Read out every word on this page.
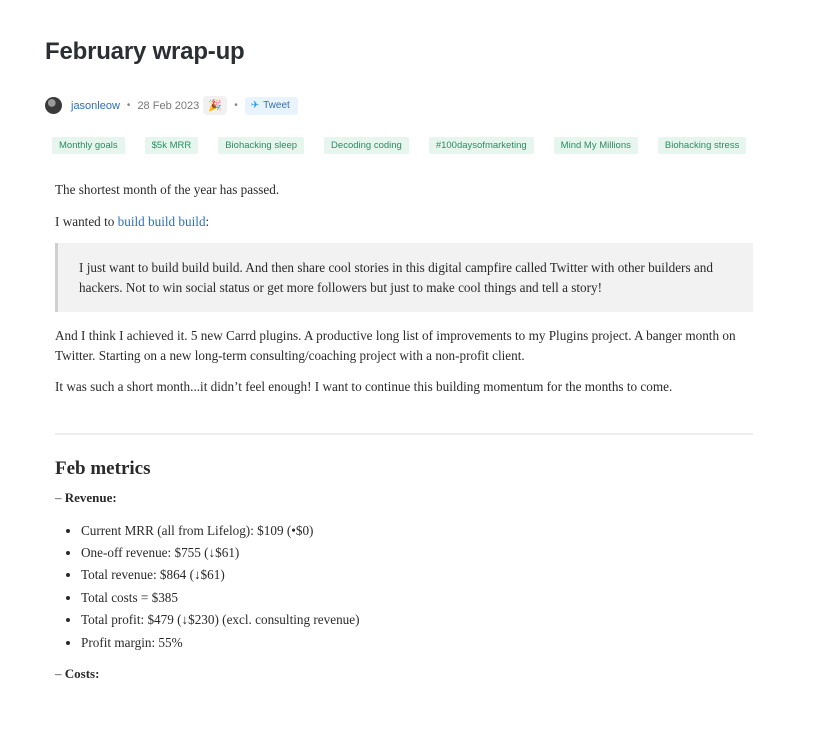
February wrap-up
jasonleow • 28 Feb 2023 🎉	• ✈ Tweet
Monthly goals	$5k MRR	Biohacking sleep	Decoding coding	#100daysofmarketing	Mind My Millions	Biohacking stress

The shortest month of the year has passed.

I wanted to build build build:

I just want to build build build. And then share cool stories in this digital campfire called Twitter with other builders and hackers. Not to win social status or get more followers but just to make cool things and tell a story!

And I think I achieved it. 5 new Carrd plugins. A productive long list of improvements to my Plugins project. A banger month on Twitter. Starting on a new long-term consulting/coaching project with a non-profit client.

It was such a short month...it didn’t feel enough! I want to continue this building momentum for the months to come.

Feb metrics

– Revenue:

• Current MRR (all from Lifelog): $109 (•$0)
• One-off revenue: $755 (↓$61)
• Total revenue: $864 (↓$61)
• Total costs = $385
• Total profit: $479 (↓$230) (excl. consulting revenue)
• Profit margin: 55%

– Costs:
